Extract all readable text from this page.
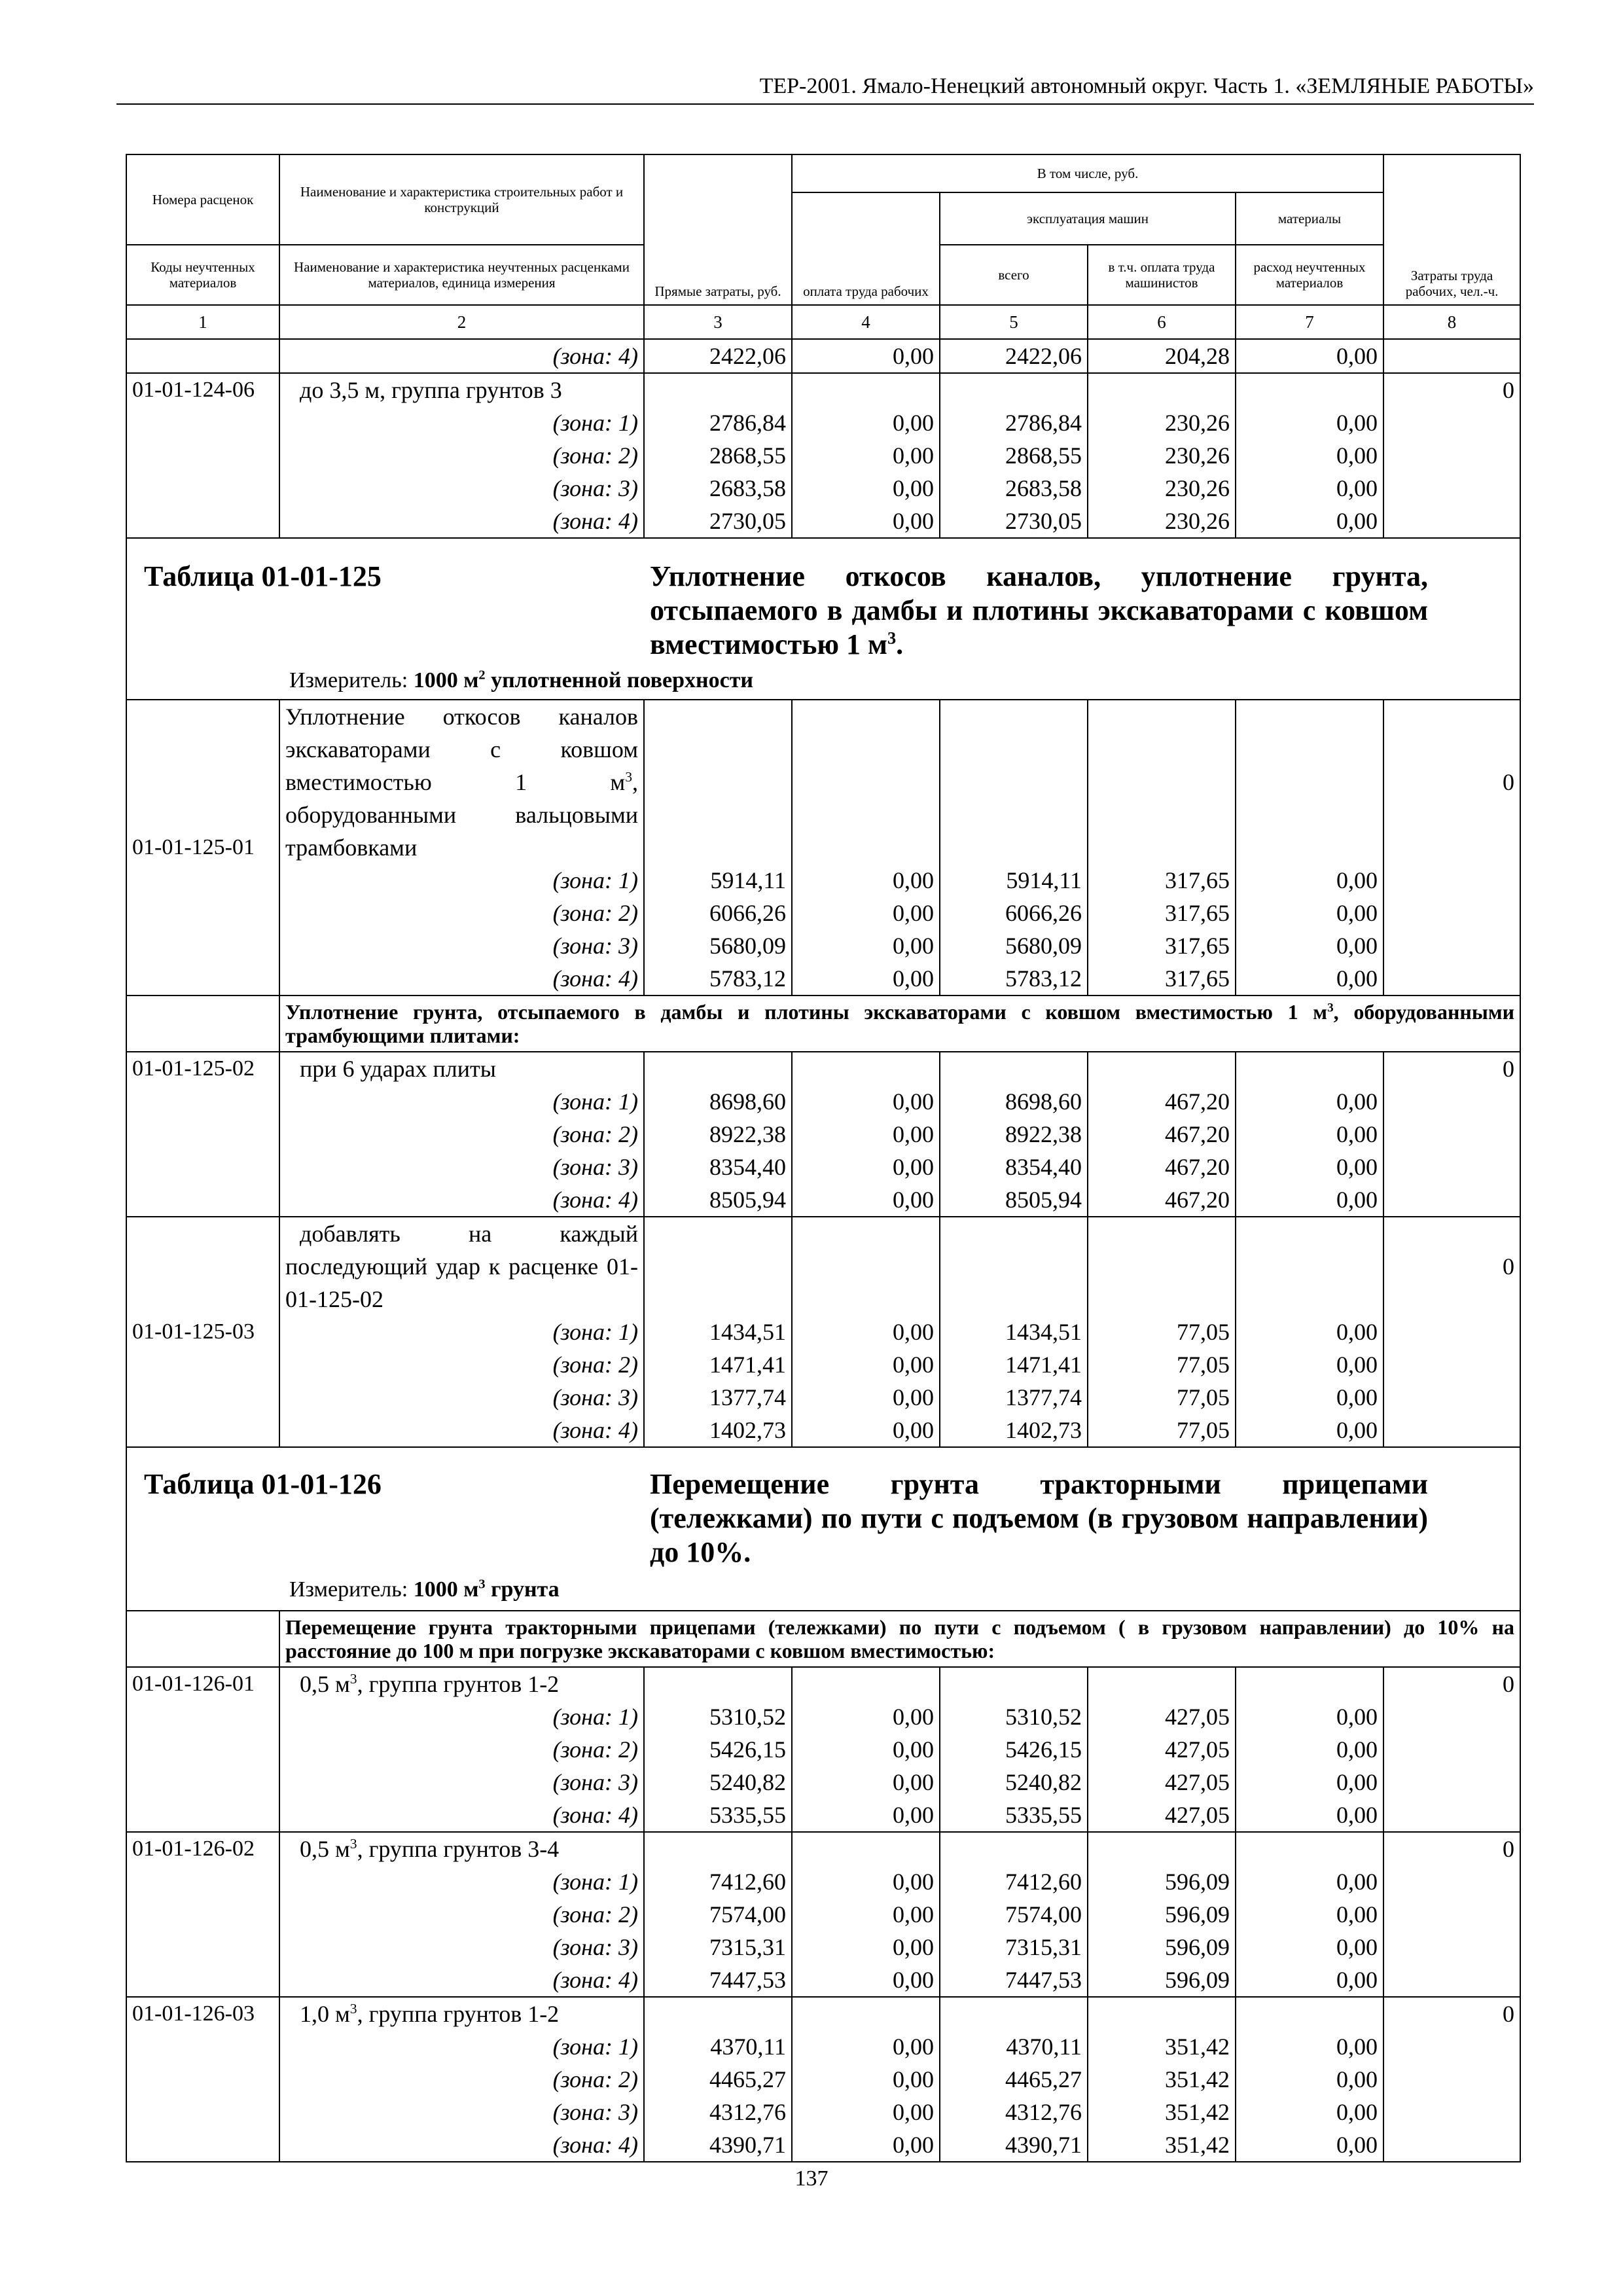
ТЕР-2001. Ямало-Ненецкий автономный округ. Часть 1. «ЗЕМЛЯНЫЕ РАБОТЫ»
Номера расценок	Наименование и характеристика строительных работ и конструкций	Прямые затраты, руб.	В том числе, руб.				Затраты труда рабочих, чел.-ч.
			оплата труда рабочих	эксплуатация машин		материалы	
Коды неучтенных материалов	Наименование и характеристика неучтенных расценками материалов, единица измерения			всего	в т.ч. оплата труда машинистов	расход неучтенных материалов	
1	2	3	4	5	6	7	8
	(зона: 4)	2422,06	0,00	2422,06	204,28	0,00	
01-01-124-06	до 3,5 м, группа грунтов 3						0
	(зона: 1)	2786,84	0,00	2786,84	230,26	0,00	
	(зона: 2)	2868,55	0,00	2868,55	230,26	0,00	
	(зона: 3)	2683,58	0,00	2683,58	230,26	0,00	
	(зона: 4)	2730,05	0,00	2730,05	230,26	0,00	

Таблица 01-01-125 Уплотнение откосов каналов, уплотнение грунта, отсыпаемого в дамбы и плотины экскаваторами с ковшом вместимостью 1 $м^3$.
Измеритель: 1000 $м^2$ уплотненной поверхности							

01-01-125-01	Уплотнение откосов каналов экскаваторами с ковшом вместимостью 1 $м^3$, оборудованными вальцовыми трамбовками						0
	(зона: 1)	5914,11	0,00	5914,11	317,65	0,00	
	(зона: 2)	6066,26	0,00	6066,26	317,65	0,00	
	(зона: 3)	5680,09	0,00	5680,09	317,65	0,00	
	(зона: 4)	5783,12	0,00	5783,12	317,65	0,00	
	Уплотнение грунта, отсыпаемого в дамбы и плотины экскаваторами с ковшом вместимостью 1 $м^3$, оборудованными трамбующими плитами:						
01-01-125-02	при 6 ударах плиты						0
	(зона: 1)	8698,60	0,00	8698,60	467,20	0,00	
	(зона: 2)	8922,38	0,00	8922,38	467,20	0,00	
	(зона: 3)	8354,40	0,00	8354,40	467,20	0,00	
	(зона: 4)	8505,94	0,00	8505,94	467,20	0,00	
01-01-125-03	добавлять на каждый последующий удар к расценке 01-01-125-02						0
	(зона: 1)	1434,51	0,00	1434,51	77,05	0,00	
	(зона: 2)	1471,41	0,00	1471,41	77,05	0,00	
	(зона: 3)	1377,74	0,00	1377,74	77,05	0,00	
	(зона: 4)	1402,73	0,00	1402,73	77,05	0,00	

Таблица 01-01-126 Перемещение грунта тракторными прицепами (тележками) по пути с подъемом (в грузовом направлении) до 10%.
Измеритель: 1000 $м^3$ грунта							

	Перемещение грунта тракторными прицепами (тележками) по пути с подъемом ( в грузовом направлении) до 10% на расстояние до 100 м при погрузке экскаваторами с ковшом вместимостью:						
01-01-126-01	0,5 $м^3$, группа грунтов 1-2						0
	(зона: 1)	5310,52	0,00	5310,52	427,05	0,00	
	(зона: 2)	5426,15	0,00	5426,15	427,05	0,00	
	(зона: 3)	5240,82	0,00	5240,82	427,05	0,00	
	(зона: 4)	5335,55	0,00	5335,55	427,05	0,00	
01-01-126-02	0,5 $м^3$, группа грунтов 3-4						0
	(зона: 1)	7412,60	0,00	7412,60	596,09	0,00	
	(зона: 2)	7574,00	0,00	7574,00	596,09	0,00	
	(зона: 3)	7315,31	0,00	7315,31	596,09	0,00	
	(зона: 4)	7447,53	0,00	7447,53	596,09	0,00	
01-01-126-03	1,0 $м^3$, группа грунтов 1-2						0
	(зона: 1)	4370,11	0,00	4370,11	351,42	0,00	
	(зона: 2)	4465,27	0,00	4465,27	351,42	0,00	
	(зона: 3)	4312,76	0,00	4312,76	351,42	0,00	
	(зона: 4)	4390,71	0,00	4390,71	351,42	0,00	
137
